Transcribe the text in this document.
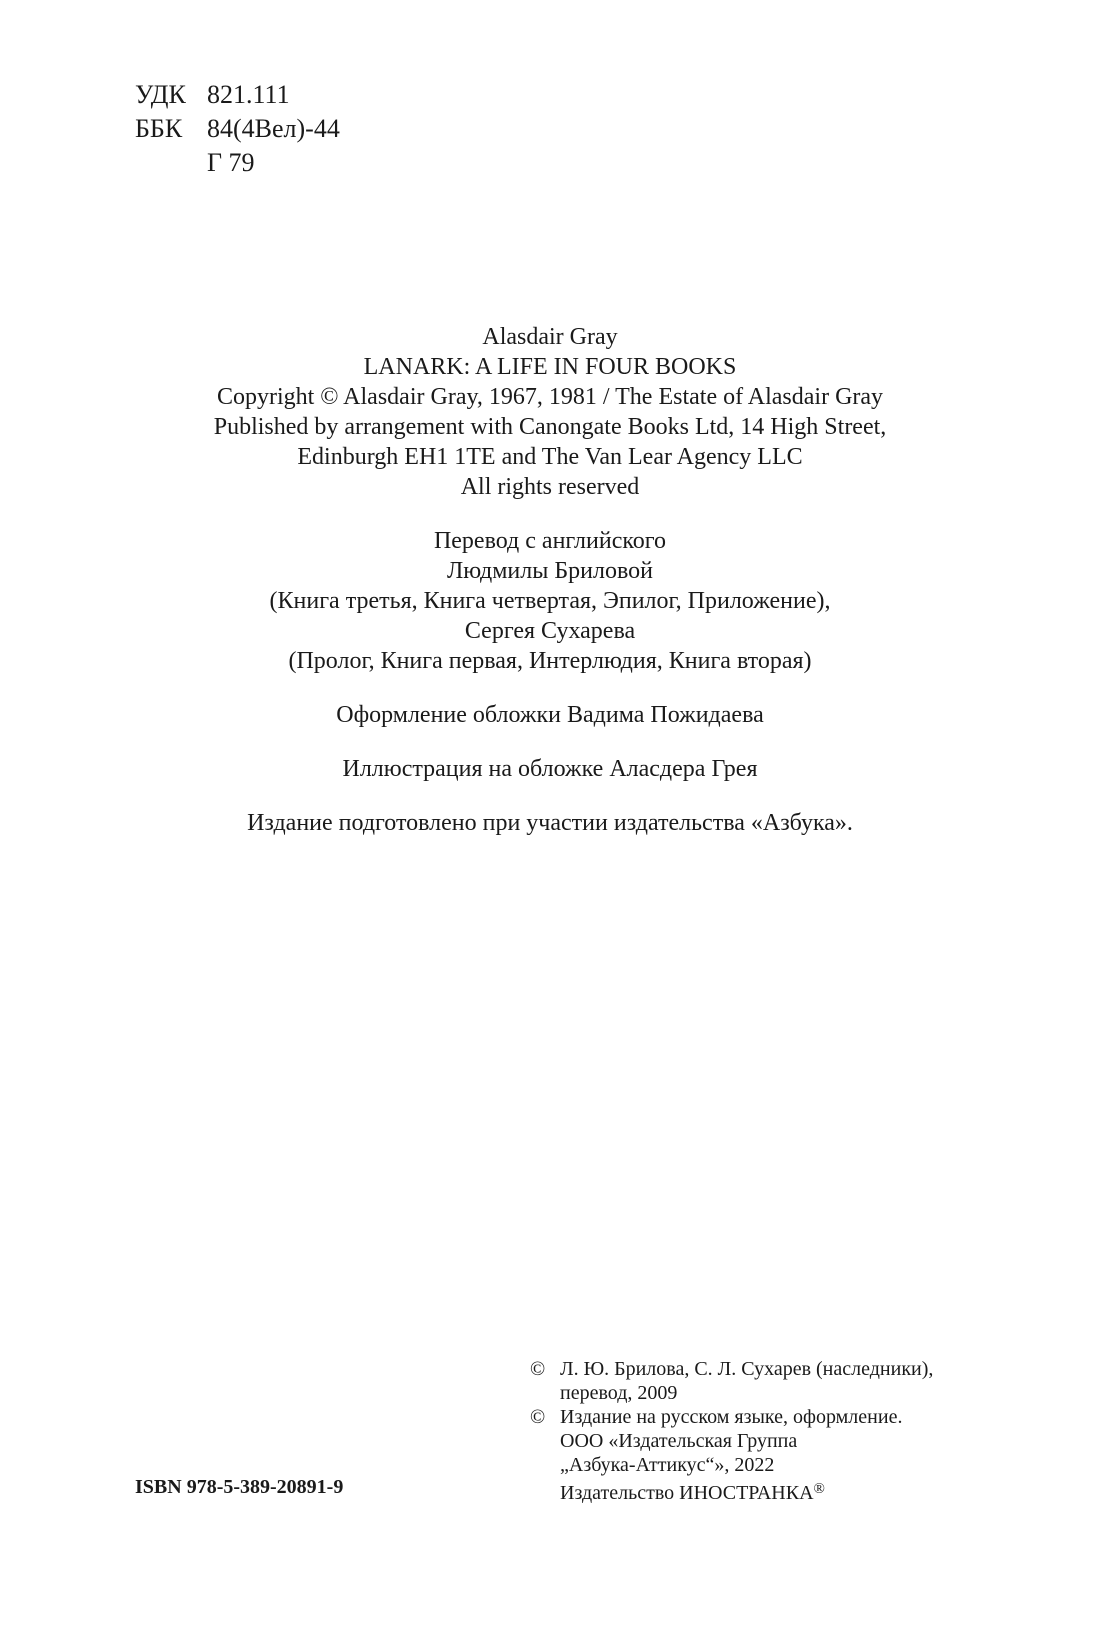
УДК 821.111
ББК 84(4Вел)-44
Г 79
Alasdair Gray
LANARK: A LIFE IN FOUR BOOKS
Copyright © Alasdair Gray, 1967, 1981 / The Estate of Alasdair Gray
Published by arrangement with Canongate Books Ltd, 14 High Street,
Edinburgh EH1 1TE and The Van Lear Agency LLC
All rights reserved
Перевод с английского
Людмилы Бриловой
(Книга третья, Книга четвертая, Эпилог, Приложение),
Сергея Сухарева
(Пролог, Книга первая, Интерлюдия, Книга вторая)
Оформление обложки Вадима Пожидаева
Иллюстрация на обложке Аласдера Грея
Издание подготовлено при участии издательства «Азбука».
ISBN 978-5-389-20891-9
© Л. Ю. Брилова, С. Л. Сухарев (наследники),
перевод, 2009
© Издание на русском языке, оформление.
ООО «Издательская Группа
„Азбука-Аттикус“», 2022
Издательство ИНОСТРАНКА®
